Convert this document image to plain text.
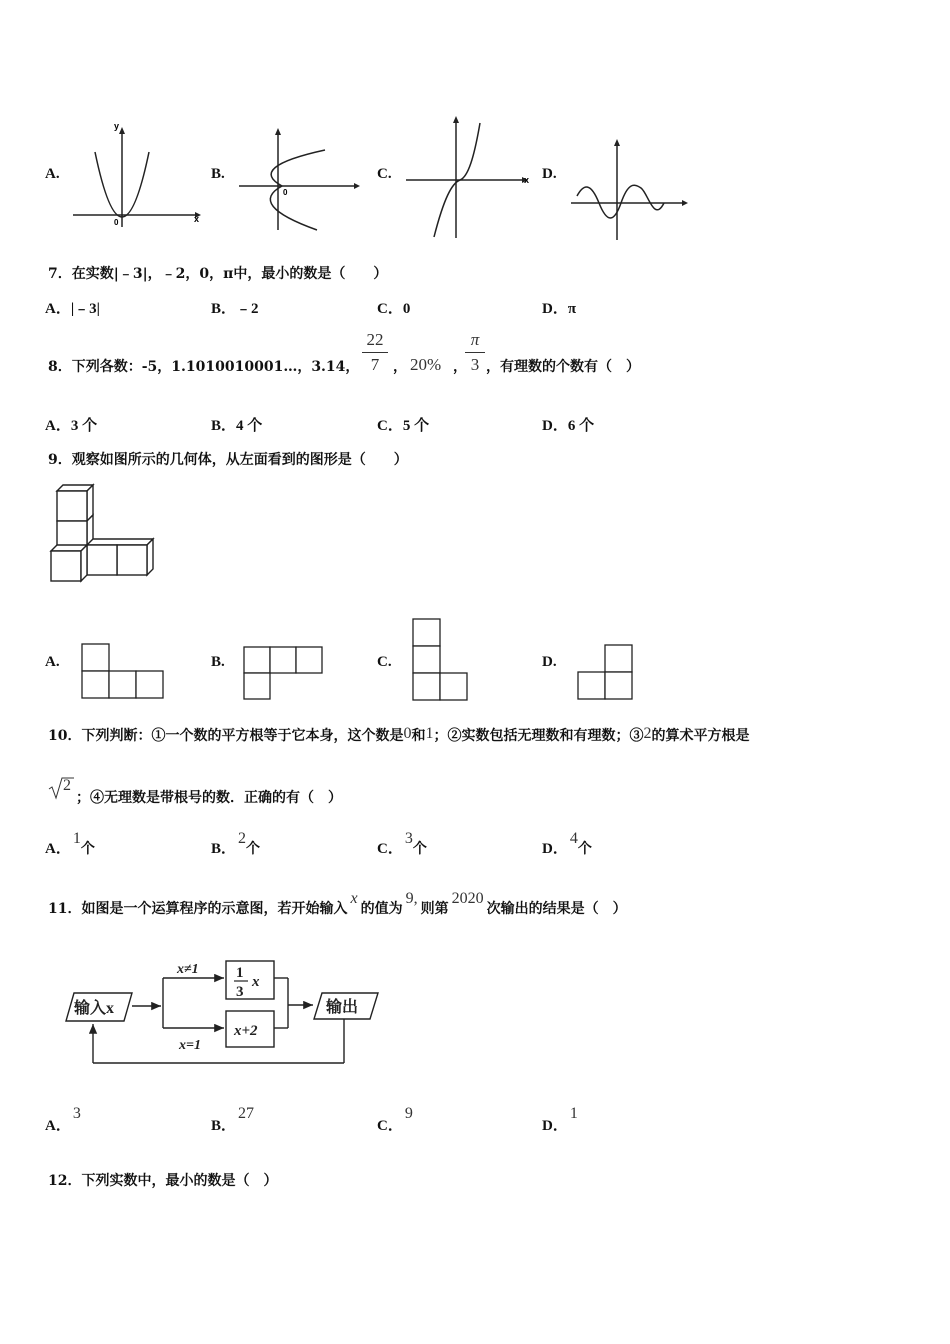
A.
y
x
0
B.
0
C.	x D.
7．在实数|﹣3|，﹣2，0，π中，最小的数是（　　）
A．|﹣3|	B．﹣2	C．0	D．π
8．下列各数：-5，1.1010010001…，3.14，
22
7 ， 20% ，
π
3 ，有理数的个数有（　）
A．3 个	B．4 个	C．5 个	D．6 个
9．观察如图所示的几何体，从左面看到的图形是（　　）
A.	B.	C.	D.
10．下列判断：①一个数的平方根等于它本身，这个数是0和1；②实数包括无理数和有理数；③2的算术平方根是
2
；④无理数是带根号的数．正确的有（　）
A．1个	B．2个	C．3个	D．4个
11．如图是一个运算程序的示意图，若开始输入x的值为9,则第2020次输出的结果是（　）
输入x
x≠1
x=1
1
3
x
x+2
输出
A．3
B．27
C．9
D．1
12．下列实数中，最小的数是（　）
